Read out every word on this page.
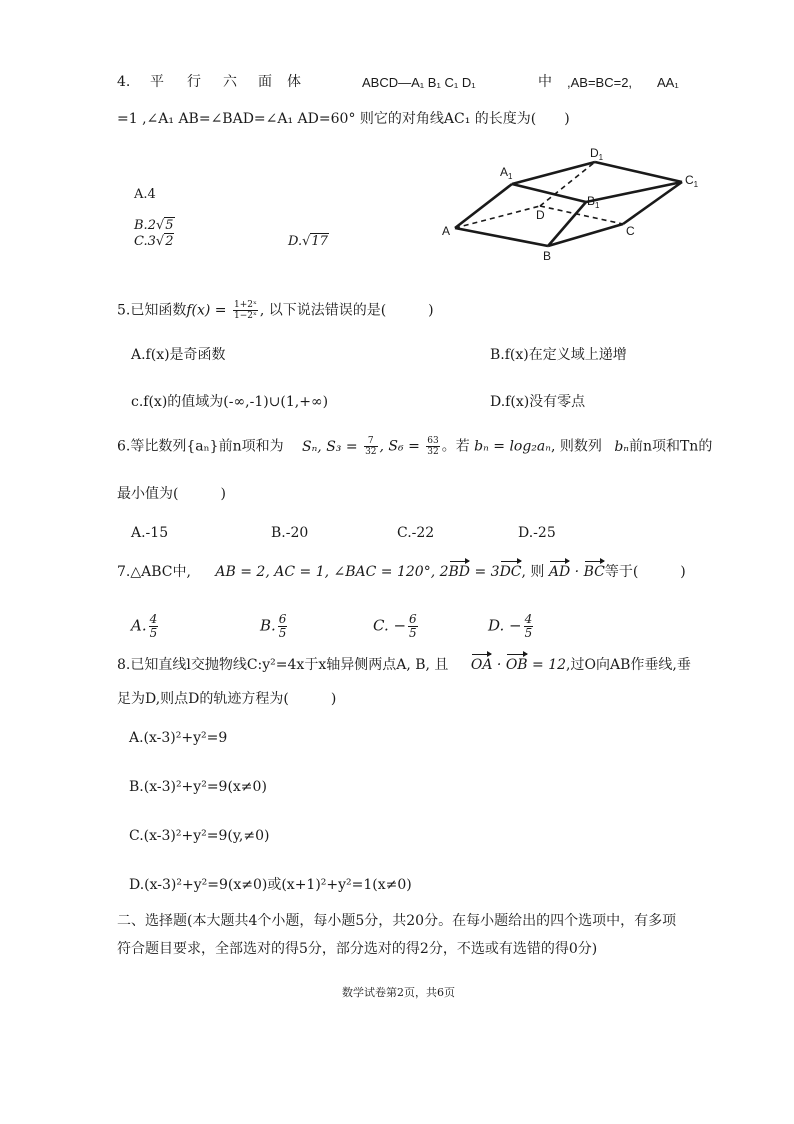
4. 平 行 六 面 体	ABCD—A₁ B₁ C₁ D₁	中 ,AB=BC=2, AA₁
=1 ,∠A₁ AB=∠BAD=∠A₁ AD=60° 则它的对角线AC₁ 的长度为(　　)
A.4
B.2√5
C.3√2	D.√17
A
B
C
D
$A_1$
$B_1$
$C_1$
$D_1$
5.已知函数$f(x) = \frac{\text{1+2ˣ}}{\text{1−2ˣ}}$ , 以下说法错误的是(　　　)
A.f(x)是奇函数	B.f(x)在定义域上递增
c.f(x)的值域为(-∞,-1)∪(1,+∞)	D.f(x)没有零点
6.等比数列{aₙ}前n项和为 Sₙ, $S_3 = \frac{7}{32}$ , $S_6 = \frac{63}{32}$ 。若 bₙ = log₂aₙ, 则数列 bₙ前n项和Tn的
最小值为(　　　)
A.-15	B.-20	C.-22	D.-25
7.△ABC中, AB = 2, AC = 1, ∠BAC = 120°, 2BD = 3DC, 则 AD · BC等于(　　　)
A. $\frac{4}{5}$	B. $\frac{6}{5}$	C. − $\frac{6}{5}$	D. − $\frac{4}{5}$
8.已知直线l交抛物线C:y²=4x于x轴异侧两点A, B, 且 OA · OB = 12,过O向AB作垂线,垂
足为D,则点D的轨迹方程为(　　　)
A.(x-3)²+y²=9
B.(x-3)²+y²=9(x≠0)
C.(x-3)²+y²=9(y,≠0)
D.(x-3)²+y²=9(x≠0)或(x+1)²+y²=1(x≠0)
二、选择题(本大题共4个小题，每小题5分，共20分。在每小题给出的四个选项中，有多项
符合题目要求，全部选对的得5分，部分选对的得2分，不选或有选错的得0分)
数学试卷第2页，共6页
